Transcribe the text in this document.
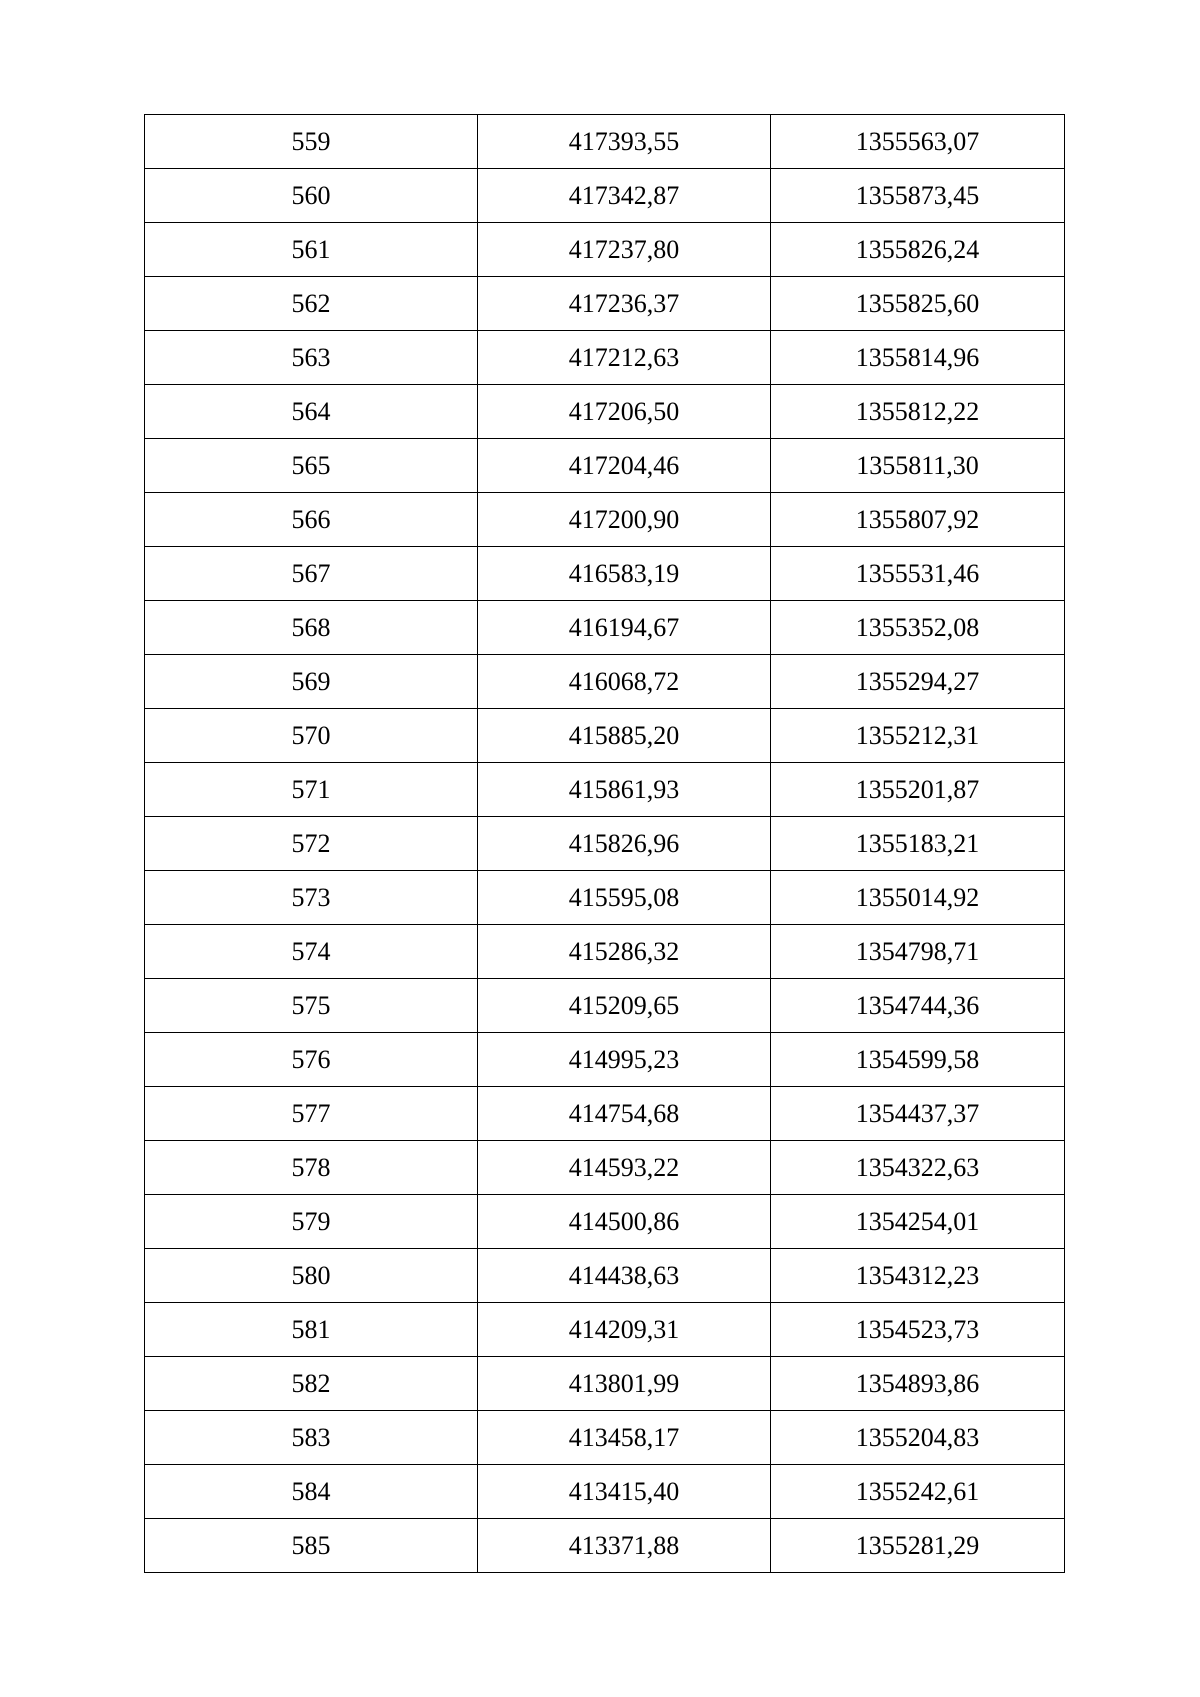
559	417393,55	1355563,07
560	417342,87	1355873,45
561	417237,80	1355826,24
562	417236,37	1355825,60
563	417212,63	1355814,96
564	417206,50	1355812,22
565	417204,46	1355811,30
566	417200,90	1355807,92
567	416583,19	1355531,46
568	416194,67	1355352,08
569	416068,72	1355294,27
570	415885,20	1355212,31
571	415861,93	1355201,87
572	415826,96	1355183,21
573	415595,08	1355014,92
574	415286,32	1354798,71
575	415209,65	1354744,36
576	414995,23	1354599,58
577	414754,68	1354437,37
578	414593,22	1354322,63
579	414500,86	1354254,01
580	414438,63	1354312,23
581	414209,31	1354523,73
582	413801,99	1354893,86
583	413458,17	1355204,83
584	413415,40	1355242,61
585	413371,88	1355281,29
